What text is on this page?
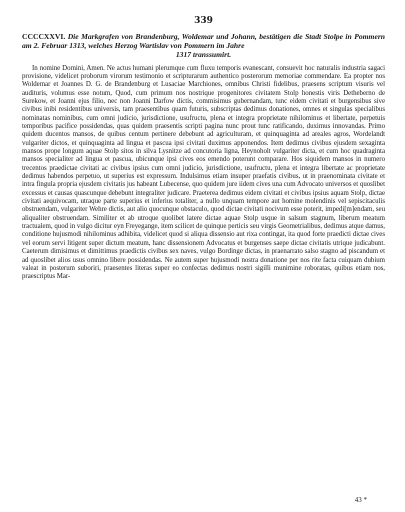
339
CCCCXXVI. Die Markgrafen von Brandenburg, Woldemar und Johann, bestätigen die Stadt Stolpe in Pommern am 2. Februar 1313, welches Herzog Wartislav von Pommern im Jahre
1317 transsumirt.

In nomine Domini, Amen. Ne actus humani plerumque cum fluxu temporis evanescant, consuevit hoc naturalis industria sagaci provisione, videlicet proborum virorum testimonio et scripturarum authentico posterorum memoriae commendare. Ea propter nos Woldemar et Joannes D. G. de Brandenburg et Lusaciae Marchiones, omnibus Christi fidelibus, praesens scriptum visuris vel audituris, volumus esse notum, Quod, cum primum nos nostrique progenitores civitatem Stolp honestis viris Detheberno de Surekow, et Joanni ejus filio, nec non Joanni Darfow dictis, commisimus gubernandam, tunc eidem civitati et burgensibus sive civibus inibi residentibus universis, tam praesentibus quam futuris, subscriptas dedimus donationes, omnes et singulas specialibus nominatas nominibus, cum omni judicio, jurisdictione, usufructu, plena et integra proprietate nihilominus et libertate, perpetuis temporibus pacifice possidendas, quas quidem praesentis scripti pagina nunc prout tunc ratificando, duximus innovandas. Primo quidem ducentos mansos, de quibus centum pertinere debebunt ad agriculturam, et quinquaginta ad areales agros, Wordelandt vulgariter dictos, et quinquaginta ad lingua et pascua ipsi civitati duximus apponendos. Item dedimus civibus ejusdem sexaginta mansos prope longum aquae Stolp sitos in silva Lysnitze ad concutoria ligna, Heynoholt vulgariter dicta, et cum hoc quadraginta mansos specialiter ad lingua et pascua, ubicunque ipsi cives eos emendo poterunt comparare. Hos siquidem mansos in numero trecentos praedictae civitati ac civibus ipsius cum omni judicio, jurisdictione, usufructu, plena et integra libertate ac proprietate dedimus habendos perpetuo, ut superius est expressum. Indulsimus etiam insuper praefatis civibus, ut in praenominata civitate et intra fingula propria ejusdem civitatis jus habeant Lubecense, quo quidem jure iidem cives una cum Advocato universos et quoslibet excessus et causas quascunque debebunt integraliter judicare. Praeterea dedimus eidem civitati et civibus ipsius aquam Stolp, dictae civitati aequivocam, utraque parte superius et inferius totaliter, a nullo unquam tempore aut homine molendinis vel sepiscitaculis obstruendam, vulgariter Wehre dictis, aut alio quocunque obstaculo, quod dictae civitati nocivum esse poterit, impedi[m]endam, seu aliqualiter obstruendam. Similiter et ab utroque quolibet latere dictae aquae Stolp usque in salsum stagnum, liberum meatum tractualem, quod in vulgo dicitur eyn Freyegange, item scilicet de quinque perticis seu virgis Geometrialibus, dedimus atque damus, conditione hujusmodi nihilominus adhibita, videlicet quod si aliqua dissensio aut rixa contingat, ita quod forte praedicti dictae cives vel eorum servi litigent super dictum meatum, hanc dissensionem Advocatus et burgenses saepe dictae civitatis utrique judicabunt. Caeterum dimisimus et dimittimus praedictis civibus sex naves, vulgo Bordinge dictas, in praenarrato salso stagno ad piscandum et ad quoslibet alios usus omnino libere possidendas. Ne autem super hujusmodi nostra donatione per nos rite facta cuiquam dubium valeat in posterum suboriri, praesentes literas super eo confectas dedimus nostri sigilli munimine roboratas, quibus etiam nos, praescriptus Mar-

43 *
